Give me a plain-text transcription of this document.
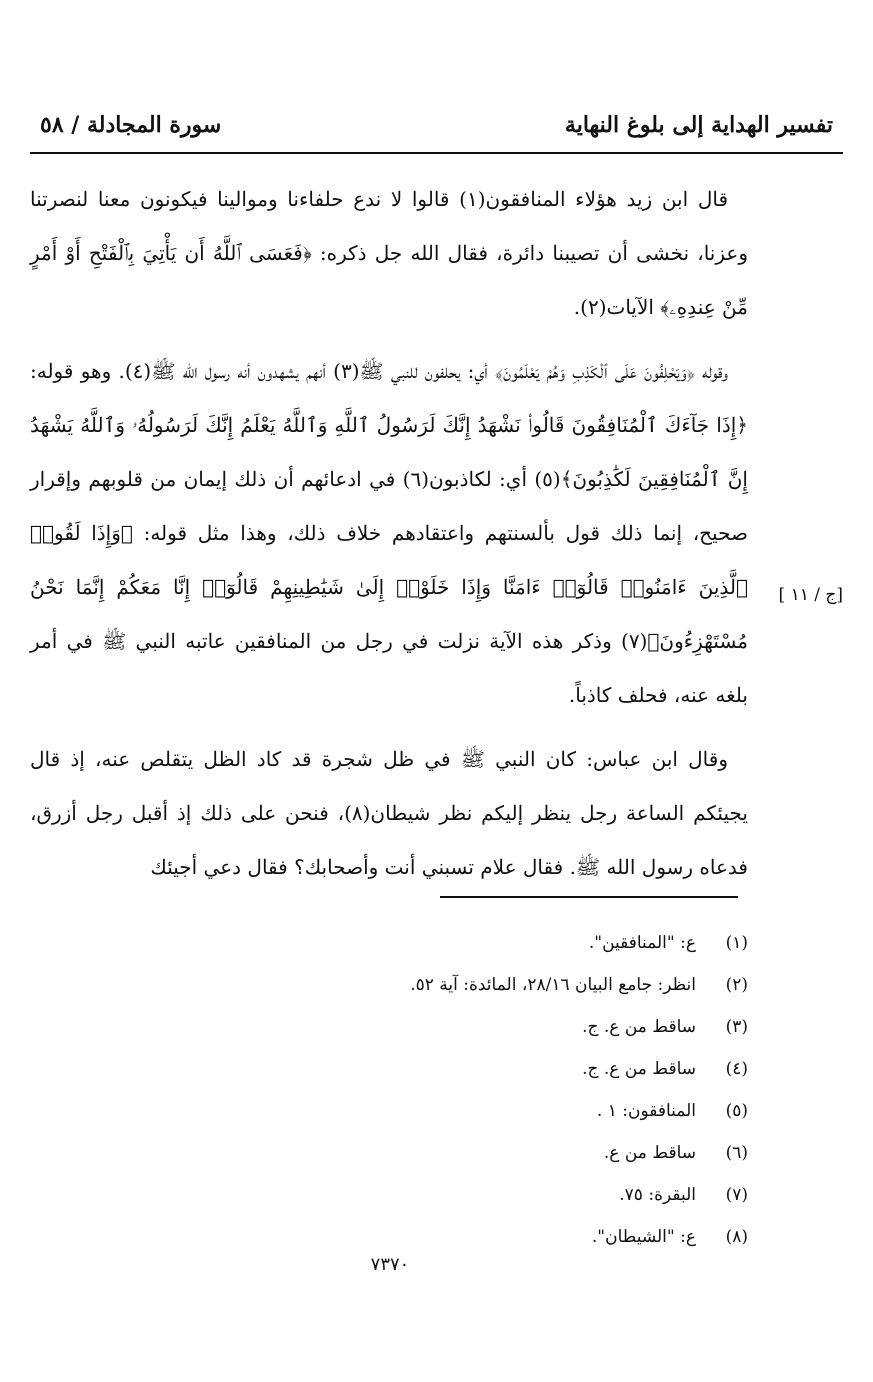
تفسير الهداية إلى بلوغ النهاية
سورة المجادلة / ٥٨

قال ابن زيد هؤلاء المنافقون(١) قالوا لا ندع حلفاءنا وموالينا فيكونون معنا لنصرتنا وعزنا، نخشى أن تصيبنا دائرة، فقال الله جل ذكره: ﴿فَعَسَى ٱللَّهُ أَن يَأْتِيَ بِٱلْفَتْحِ أَوْ أَمْرٍ مِّنْ عِندِهِۦ﴾ الآيات(٢).

وقوله ﴿وَيَحْلِفُونَ عَلَى ٱلْكَذِبِ وَهُمْ يَعْلَمُونَ﴾ أي: يحلفون للنبي ﷺ(٣) أنهم يشهدون أنه رسول الله ﷺ(٤). وهو قوله: ﴿إِذَا جَآءَكَ ٱلْمُنَافِقُونَ قَالُوا۟ نَشْهَدُ إِنَّكَ لَرَسُولُ ٱللَّهِ وَٱللَّهُ يَعْلَمُ إِنَّكَ لَرَسُولُهُۥ وَٱللَّهُ يَشْهَدُ إِنَّ ٱلْمُنَافِقِينَ لَكَٰذِبُونَ﴾(٥) أي: لكاذبون(٦) في ادعائهم أن ذلك إيمان من قلوبهم وإقرار صحيح، إنما ذلك قول بألسنتهم واعتقادهم خلاف ذلك، وهذا مثل قوله: ﴿وَإِذَا لَقُوا۟ ٱلَّذِينَ ءَامَنُوا۟ قَالُوٓا۟ ءَامَنَّا وَإِذَا خَلَوْا۟ إِلَىٰ شَيَٰطِينِهِمْ قَالُوٓا۟ إِنَّا مَعَكُمْ إِنَّمَا نَحْنُ مُسْتَهْزِءُونَ﴾(٧) وذكر هذه الآية نزلت في رجل من المنافقين عاتبه النبي ﷺ في أمر بلغه عنه، فحلف كاذباً.

وقال ابن عباس: كان النبي ﷺ في ظل شجرة قد كاد الظل يتقلص عنه، إذ قال يجيئكم الساعة رجل ينظر إليكم نظر شيطان(٨)، فنحن على ذلك إذ أقبل رجل أزرق، فدعاه رسول الله ﷺ. فقال علام تسبني أنت وأصحابك؟ فقال دعي أجيئك

[ج / ١١ ]
(١)ع: "المنافقين".
(٢)انظر: جامع البيان ٢٨/١٦، المائدة: آية ٥٢.
(٣)ساقط من ع. ج.
(٤)ساقط من ع. ج.
(٥)المنافقون: ١ .
(٦)ساقط من ع.
(٧)البقرة: ٧٥.
(٨)ع: "الشيطان".
٧٣٧٠
